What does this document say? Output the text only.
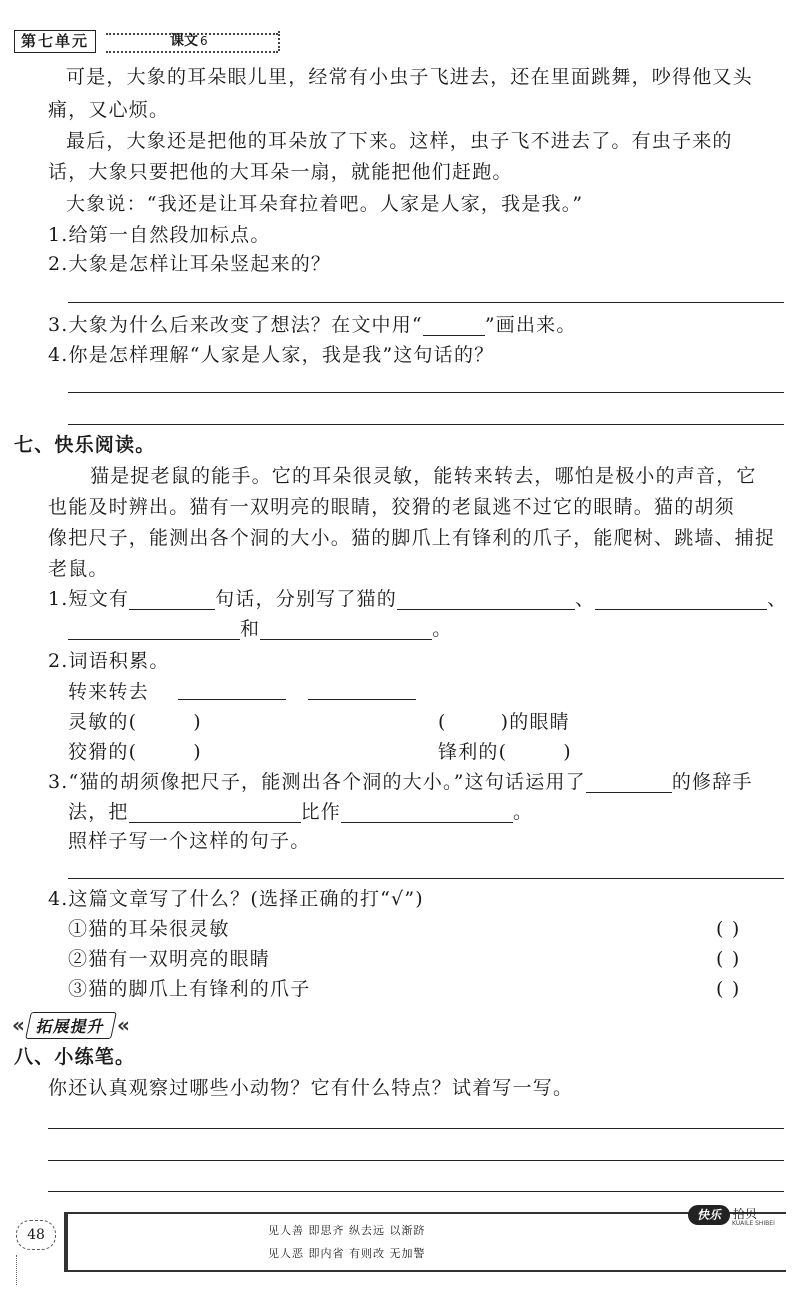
第七单元	课文 6
可是，大象的耳朵眼儿里，经常有小虫子飞进去，还在里面跳舞，吵得他又头
痛，又心烦。
最后，大象还是把他的耳朵放了下来。这样，虫子飞不进去了。有虫子来的
话，大象只要把他的大耳朵一扇，就能把他们赶跑。
大象说：“我还是让耳朵耷拉着吧。人家是人家，我是我。”
1.给第一自然段加标点。
2.大象是怎样让耳朵竖起来的？
3.大象为什么后来改变了想法？在文中用“	”画出来。
4.你是怎样理解“人家是人家，我是我”这句话的？
七、快乐阅读。
猫是捉老鼠的能手。它的耳朵很灵敏，能转来转去，哪怕是极小的声音，它
也能及时辨出。猫有一双明亮的眼睛，狡猾的老鼠逃不过它的眼睛。猫的胡须
像把尺子，能测出各个洞的大小。猫的脚爪上有锋利的爪子，能爬树、跳墙、捕捉
老鼠。
1.短文有	句话，分别写了猫的	、	、
和	。
2.词语积累。
转来转去
灵敏的(	)	(	)的眼睛
狡猾的(	)	锋利的(	)
3.“猫的胡须像把尺子，能测出各个洞的大小。”这句话运用了	的修辞手
法，把	比作	。
照样子写一个这样的句子。
4.这篇文章写了什么？(选择正确的打“√”)
①猫的耳朵很灵敏	( )
②猫有一双明亮的眼睛	( )
③猫的脚爪上有锋利的爪子	( )
« 拓展提升 «
八、小练笔。
你还认真观察过哪些小动物？它有什么特点？试着写一写。
48	见人善 即思齐 纵去远 以渐跻
见人恶 即内省 有则改 无加警
快乐	拾贝
KUAILE SHIBEI
